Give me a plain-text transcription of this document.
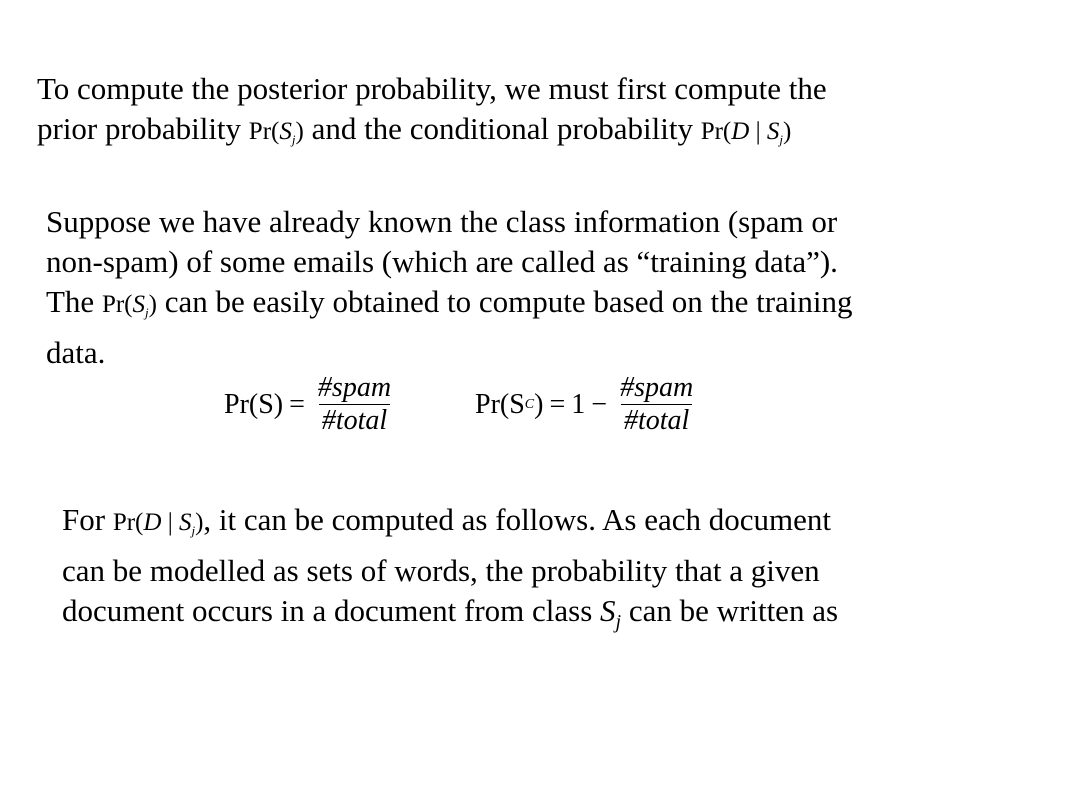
To compute the posterior probability, we must first compute the
prior probability $Pr(S_j)$ and the conditional probability Pr(D | $S_j$)
Suppose we have already known the class information (spam or
non-spam) of some emails (which are called as “training data”).
The $Pr(S_j)$ can be easily obtained to compute based on the training
data.
$Pr(S) = \frac{\text{\#spam}}{\text{\#total}}$	Pr(S C ) = $1 - \frac{\text{\#spam}}{\text{\#total}}$
For Pr(D | $S_j$), it can be computed as follows. As each document
can be modelled as sets of words, the probability that a given
document occurs in a document from class $S_j$ can be written as
